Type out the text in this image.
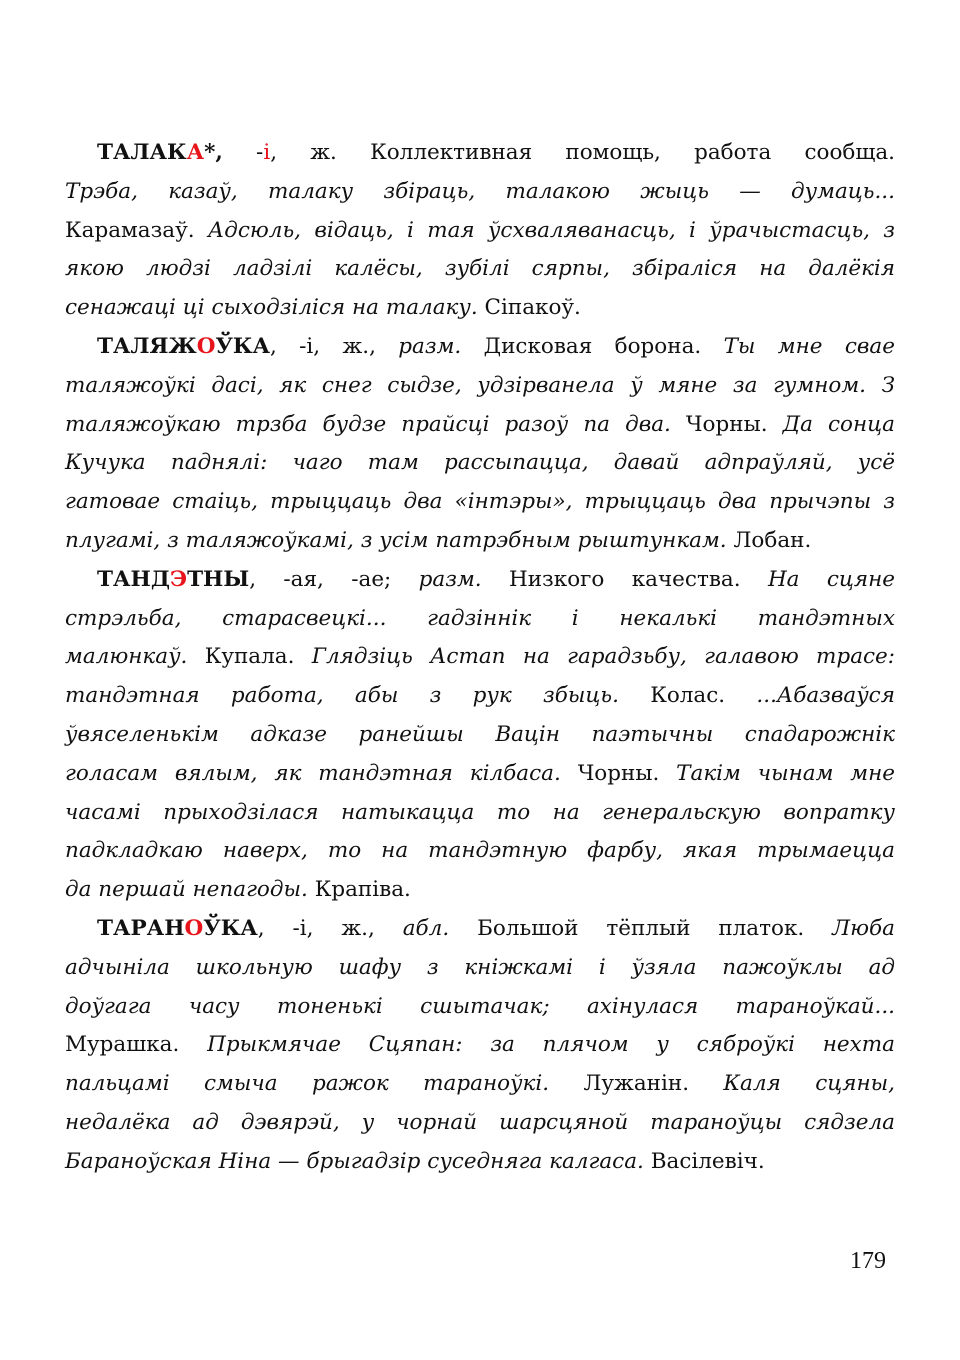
ТАЛАКА*, -і, ж. Коллективная помощь, работа сообща.
Трэба, казаў, талаку збіраць, талакою жыць — думаць...
Карамазаў. Адсюль, відаць, і тая ўсхваляванасць, і ўрачыстасць, з
якою людзі ладзілі калёсы, зубілі сярпы, збіраліся на далёкія
сенажаці ці сыходзіліся на талаку. Сіпакоў.
ТАЛЯЖОЎКА, -і, ж., разм. Дисковая борона. Ты мне свае
таляжоўкі дасі, як снег сыдзе, удзірванела ў мяне за гумном. З
таляжоўкаю трзба будзе прайсці разоў па два. Чорны. Да сонца
Кучука паднялі: чаго там рассыпацца, давай адпраўляй, усё
гатовае стаіць, трыццаць два «інтэры», трыццаць два прычэпы з
плугамі, з таляжоўкамі, з усім патрэбным рыштункам. Лобан.
ТАНДЭТНЫ, -ая, -ае; разм. Низкого качества. На сцяне
стрэльба, старасвецкі... гадзіннік і некалькі тандэтных
малюнкаў. Купала. Глядзіць Астап на гарадзьбу, галавою трасе:
тандэтная работа, абы з рук збыць. Колас. ...Абазваўся
ўвяселенькім адказе ранейшы Вацін паэтычны спадарожнік
голасам вялым, як тандэтная кілбаса. Чорны. Такім чынам мне
часамі прыходзілася натыкацца то на генеральскую вопратку
падкладкаю наверх, то на тандэтную фарбу, якая трымаецца
да першай непагоды. Крапіва.
ТАРАНОЎКА, -і, ж., абл. Большой тёплый платок. Люба
адчыніла школьную шафу з кніжкамі і ўзяла пажоўклы ад
доўгага часу тоненькі сшытачак; ахінулася тараноўкай...
Мурашка. Прыкмячае Сцяпан: за плячом у сяброўкі нехта
пальцамі смыча ражок тараноўкі. Лужанін. Каля сцяны,
недалёка ад дэвярэй, у чорнай шарсцяной тараноўцы сядзела
Бараноўская Ніна — брыгадзір суседняга калгаса. Васілевіч.
179
